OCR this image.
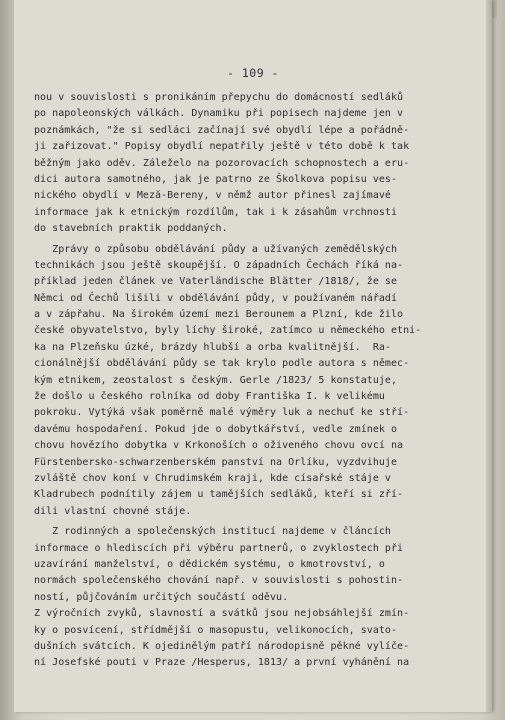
- 109 -
nou v souvislosti s pronikáním přepychu do domácností sedláků
po napoleonských válkách. Dynamiku při popisech najdeme jen v
poznámkách, "že si sedláci začínají své obydlí lépe a pořádně-
ji zařizovat." Popisy obydlí nepatřily ještě v této době k tak
běžným jako oděv. Záleželo na pozorovacích schopnostech a eru-
dici autora samotného, jak je patrno ze Školkova popisu ves-
nického obydlí v Meză-Bereny, v němž autor přinesl zajímavé
informace jak k etnickým rozdílům, tak i k zásahům vrchnosti
do stavebních praktik poddaných.
Zprávy o způsobu obdělávání půdy a užívaných zemědělských
technikách jsou ještě skoupější. O západních Čechách říká na-
příklad jeden článek ve Vaterländische Blätter /1818/, že se
Němci od Čechů lišili v obdělávání půdy, v používaném nářadí
a v zápřahu. Na širokém území mezi Berounem a Plzní, kde žilo
české obyvatelstvo, byly líchy široké, zatímco u německého etni-
ka na Plzeňsku úzké, brázdy hlubší a orba kvalitnější.  Ra-
cionálnější obdělávání půdy se tak krylo podle autora s němec-
kým etnikem, zeostalost s českým. Gerle /1823/ 5 konstatuje,
že došlo u českého rolníka od doby Františka I. k velikému
pokroku. Vytýká však poměrně malé výměry luk a nechuť ke stří-
davému hospodaření. Pokud jde o dobytkářství, vedle zmínek o
chovu hovězího dobytka v Krkonoších o oživeného chovu ovcí na
Fürstenbersko-schwarzenberském panství na Orlíku, vyzdvihuje
zvláště chov koní v Chrudimském kraji, kde císařské stáje v
Kladrubech podnítily zájem u tamějších sedláků, kteří si zří-
dili vlastní chovné stáje.
Z rodinných a společenských institucí najdeme v článcích
informace o hlediscích při výběru partnerů, o zvyklostech při
uzavírání manželství, o dědickém systému, o kmotrovství, o
normách společenského chování např. v souvislosti s pohostin-
ností, půjčováním určitých součástí oděvu.
Z výročních zvyků, slavností a svátků jsou nejobsáhlejší zmín-
ky o posvícení, střídmější o masopustu, velikonocích, svato-
dušních svátcích. K ojedinělým patří národopisně pěkné vylíče-
ní Josefské pouti v Praze /Hesperus, 1813/ a první vyhánění na
